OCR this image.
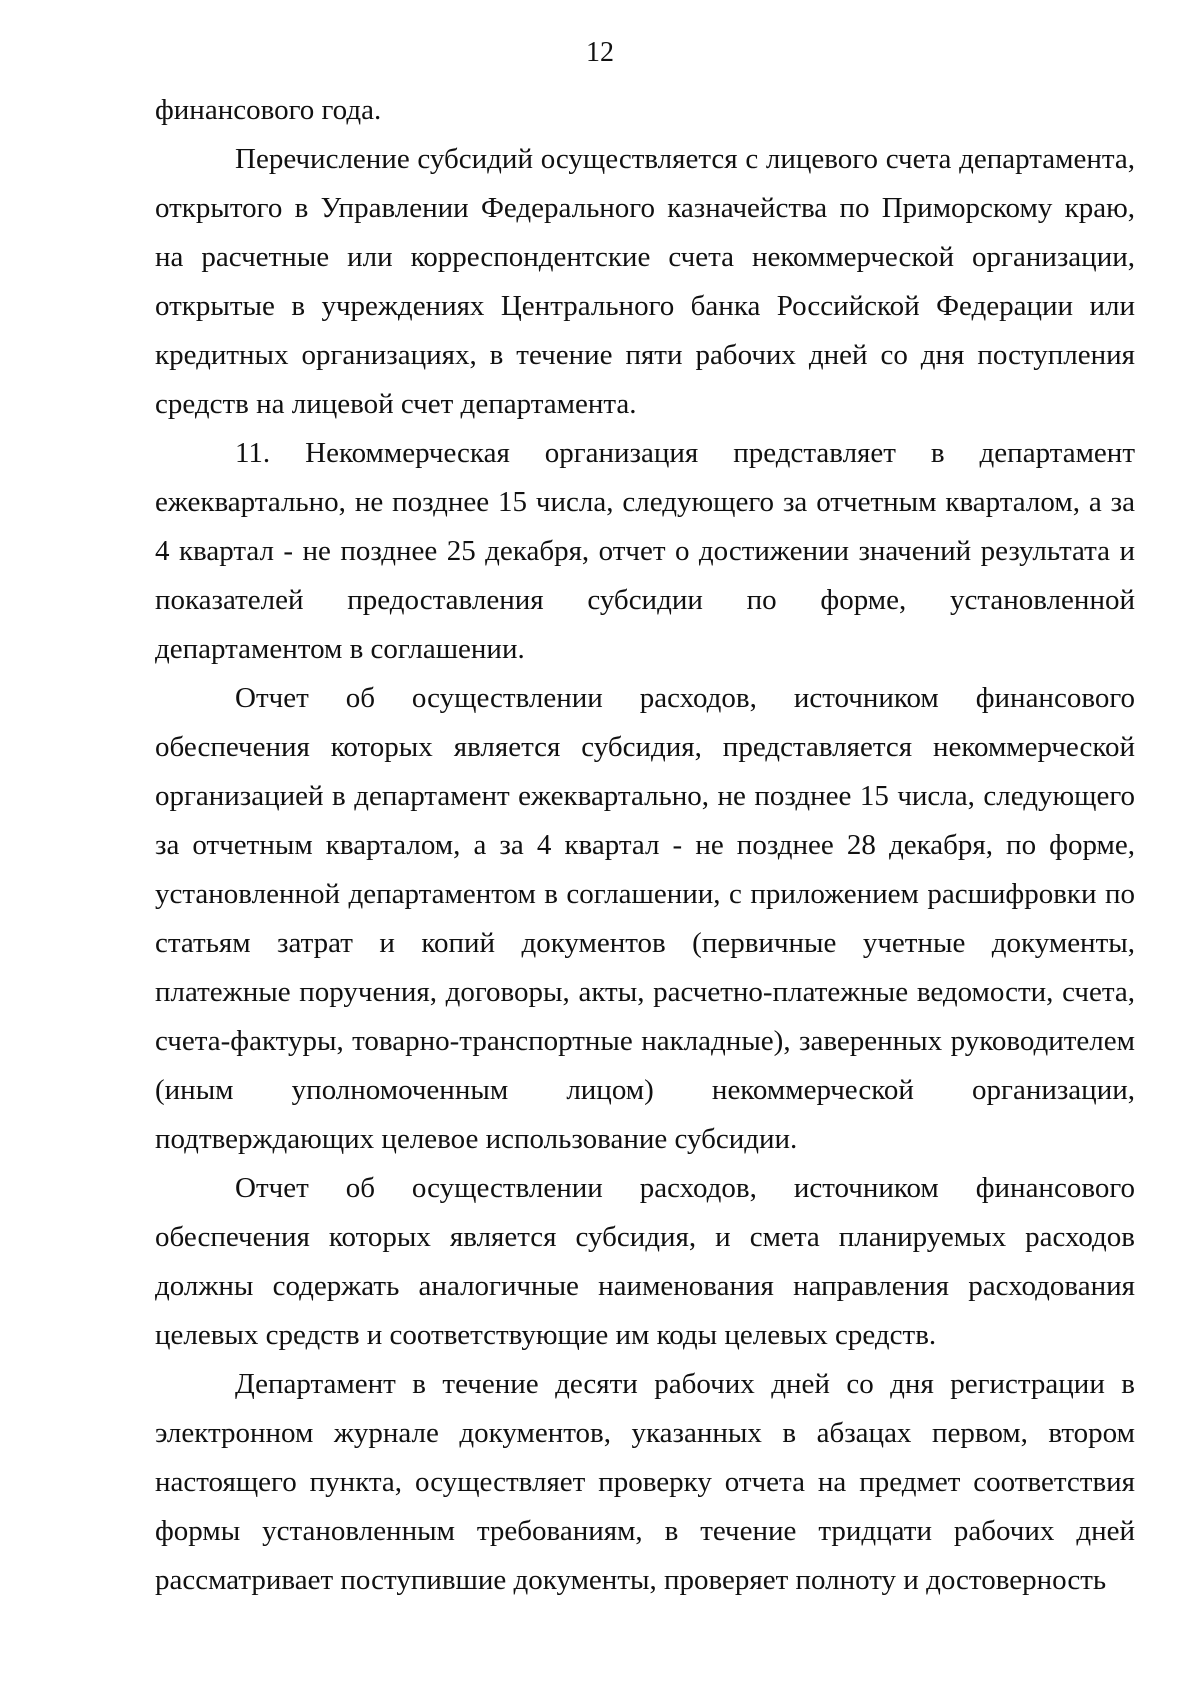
12

финансового года.

Перечисление субсидий осуществляется с лицевого счета департамента, открытого в Управлении Федерального казначейства по Приморскому краю, на расчетные или корреспондентские счета некоммерческой организации, открытые в учреждениях Центрального банка Российской Федерации или кредитных организациях, в течение пяти рабочих дней со дня поступления средств на лицевой счет департамента.

11. Некоммерческая организация представляет в департамент ежеквартально, не позднее 15 числа, следующего за отчетным кварталом, а за 4 квартал - не позднее 25 декабря, отчет о достижении значений результата и показателей предоставления субсидии по форме, установленной департаментом в соглашении.

Отчет об осуществлении расходов, источником финансового обеспечения которых является субсидия, представляется некоммерческой организацией в департамент ежеквартально, не позднее 15 числа, следующего за отчетным кварталом, а за 4 квартал - не позднее 28 декабря, по форме, установленной департаментом в соглашении, с приложением расшифровки по статьям затрат и копий документов (первичные учетные документы, платежные поручения, договоры, акты, расчетно-платежные ведомости, счета, счета-фактуры, товарно-транспортные накладные), заверенных руководителем (иным уполномоченным лицом) некоммерческой организации, подтверждающих целевое использование субсидии.

Отчет об осуществлении расходов, источником финансового обеспечения которых является субсидия, и смета планируемых расходов должны содержать аналогичные наименования направления расходования целевых средств и соответствующие им коды целевых средств.

Департамент в течение десяти рабочих дней со дня регистрации в электронном журнале документов, указанных в абзацах первом, втором настоящего пункта, осуществляет проверку отчета на предмет соответствия формы установленным требованиям, в течение тридцати рабочих дней рассматривает поступившие документы, проверяет полноту и достоверность
